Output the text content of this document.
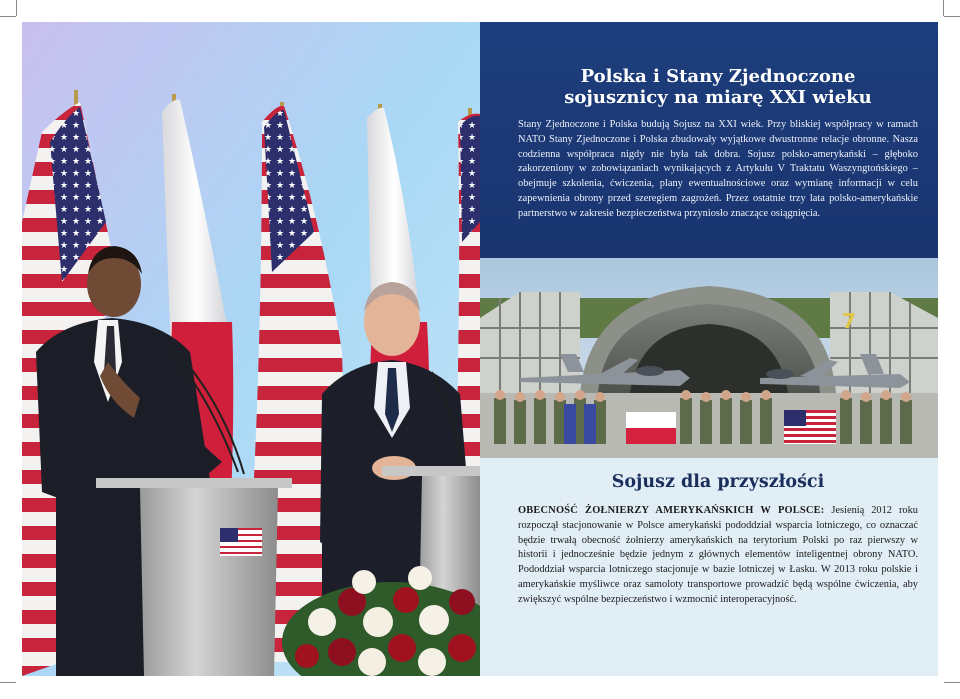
Polska i Stany Zjednoczone
sojusznicy na miarę XXI wieku

Stany Zjednoczone i Polska budują Sojusz na XXI wiek. Przy bliskiej współpracy w ramach NATO Stany Zjednoczone i Polska zbudowały wyjątkowe dwustronne relacje obronne. Nasza codzienna współpraca nigdy nie była tak dobra. Sojusz polsko-amerykański – głęboko zakorzeniony w zobowiązaniach wynikających z Artykułu V Traktatu Waszyngtońskiego – obejmuje szkolenia, ćwiczenia, plany ewentualnościowe oraz wymianę informacji w celu zapewnienia obrony przed szeregiem zagrożeń. Przez ostatnie trzy lata polsko-amerykańskie partnerstwo w zakresie bezpieczeństwa przyniosło znaczące osiągnięcia.

7
Sojusz dla przyszłości

OBECNOŚĆ ŻOŁNIERZY AMERYKAŃSKICH W POLSCE: Jesienią 2012 roku rozpoczął stacjonowanie w Polsce amerykański pododdział wsparcia lotniczego, co oznaczać będzie trwałą obecność żołnierzy amerykańskich na terytorium Polski po raz pierwszy w historii i jednocześnie będzie jednym z głównych elementów inteligentnej obrony NATO. Pododdział wsparcia lotniczego stacjonuje w bazie lotniczej w Łasku. W 2013 roku polskie i amerykańskie myśliwce oraz samoloty transportowe prowadzić będą wspólne ćwiczenia, aby zwiększyć wspólne bezpieczeństwo i wzmocnić interoperacyjność.
